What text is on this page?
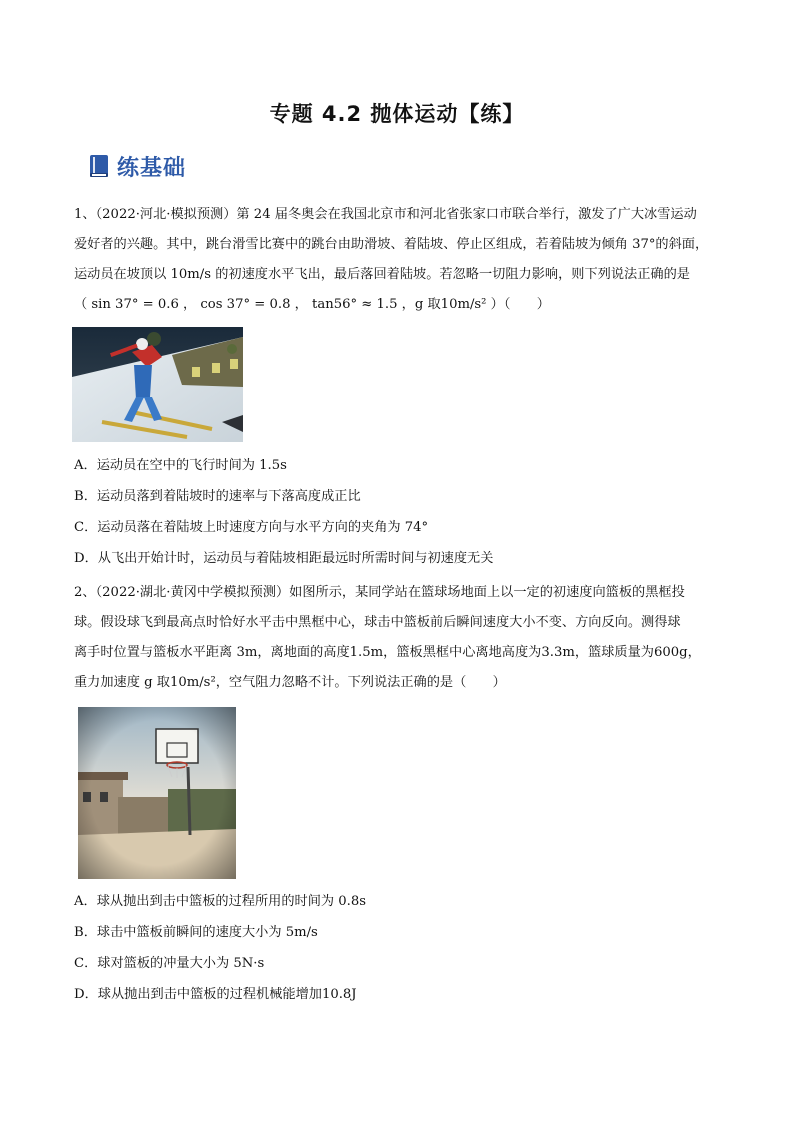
专题 4.2 抛体运动【练】
练基础
1、（2022·河北·模拟预测）第 24 届冬奥会在我国北京市和河北省张家口市联合举行，激发了广大冰雪运动
爱好者的兴趣。其中，跳台滑雪比赛中的跳台由助滑坡、着陆坡、停止区组成，若着陆坡为倾角 37°的斜面，
运动员在坡顶以 10m/s 的初速度水平飞出，最后落回着陆坡。若忽略一切阻力影响，则下列说法正确的是
（ sin 37° = 0.6 ， cos 37° = 0.8 ， tan56° ≈ 1.5 ，g 取10m/s² ）（　　）
A．运动员在空中的飞行时间为 1.5s
B．运动员落到着陆坡时的速率与下落高度成正比
C．运动员落在着陆坡上时速度方向与水平方向的夹角为 74°
D．从飞出开始计时，运动员与着陆坡相距最远时所需时间与初速度无关
2、（2022·湖北·黄冈中学模拟预测）如图所示，某同学站在篮球场地面上以一定的初速度向篮板的黑框投
球。假设球飞到最高点时恰好水平击中黑框中心，球击中篮板前后瞬间速度大小不变、方向反向。测得球
离手时位置与篮板水平距离 3m，离地面的高度1.5m，篮板黑框中心离地高度为3.3m，篮球质量为600g，
重力加速度 g 取10m/s²，空气阻力忽略不计。下列说法正确的是（　　）
A．球从抛出到击中篮板的过程所用的时间为 0.8s
B．球击中篮板前瞬间的速度大小为 5m/s
C．球对篮板的冲量大小为 5N·s
D．球从抛出到击中篮板的过程机械能增加10.8J
